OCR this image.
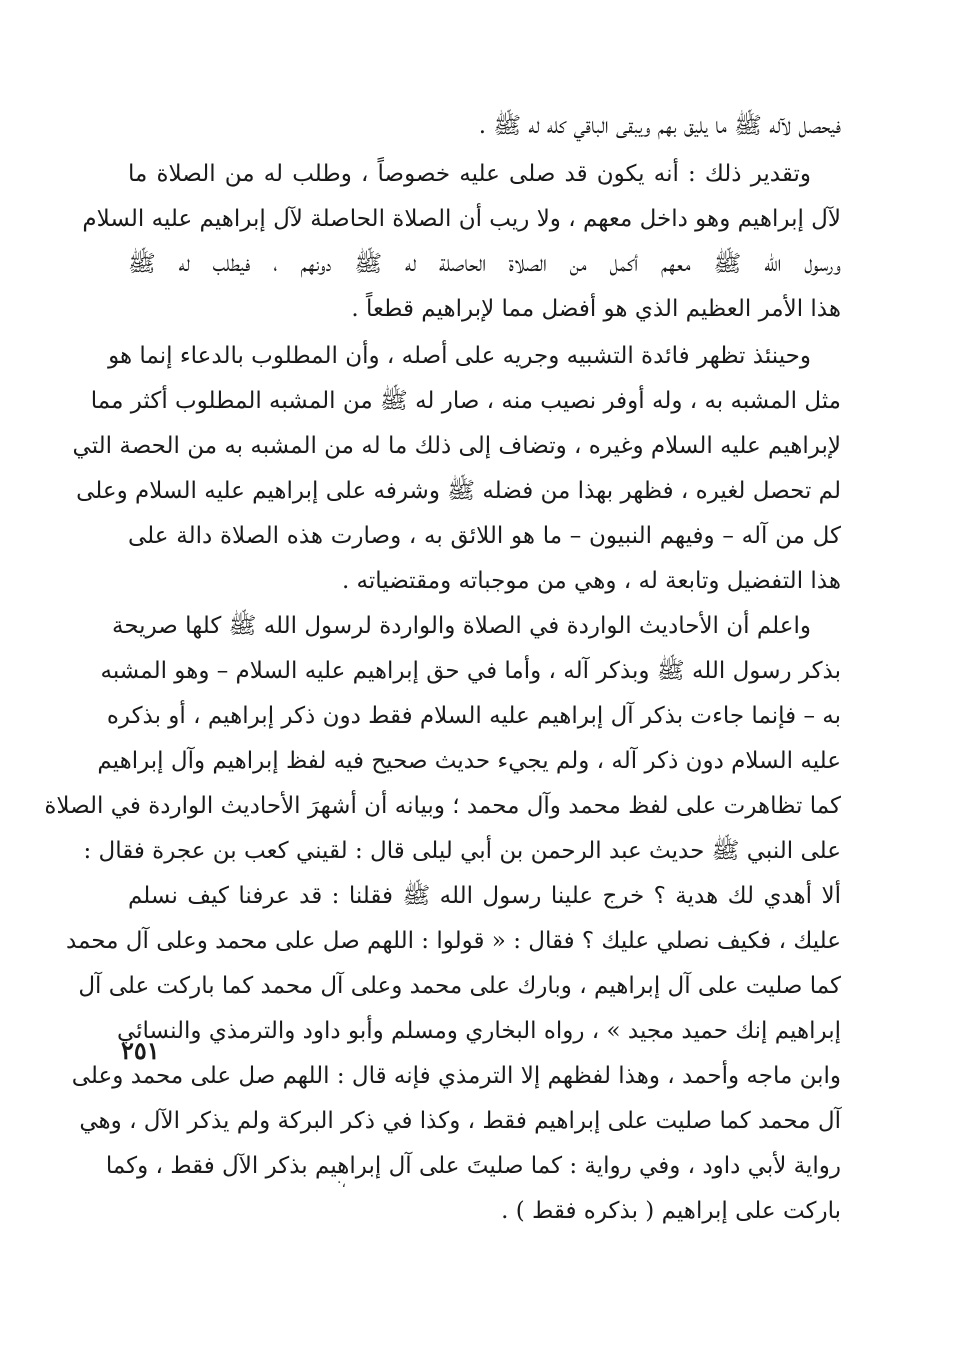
فيحصل لآله ﷺ ما يليق بهم ويبقى الباقي كله له ﷺ .
وتقدير ذلك : أنه يكون قد صلى عليه خصوصاً ، وطلب له من الصلاة ما
لآل إبراهيم وهو داخل معهم ، ولا ريب أن الصلاة الحاصلة لآل إبراهيم عليه السلام
ورسول الله ﷺ معهم أكمل من الصلاة الحاصلة له ﷺ دونهم ، فيطلب له ﷺ
هذا الأمر العظيم الذي هو أفضل مما لإبراهيم قطعاً .
وحينئذ تظهر فائدة التشبيه وجريه على أصله ، وأن المطلوب بالدعاء إنما هو
مثل المشبه به ، وله أوفر نصيب منه ، صار له ﷺ من المشبه المطلوب أكثر مما
لإبراهيم عليه السلام وغيره ، وتضاف إلى ذلك ما له من المشبه به من الحصة التي
لم تحصل لغيره ، فظهر بهذا من فضله ﷺ وشرفه على إبراهيم عليه السلام وعلى
كل من آله – وفيهم النبيون – ما هو اللائق به ، وصارت هذه الصلاة دالة على
هذا التفضيل وتابعة له ، وهي من موجباته ومقتضياته .
واعلم أن الأحاديث الواردة في الصلاة والواردة لرسول الله ﷺ كلها صريحة
بذكر رسول الله ﷺ وبذكر آله ، وأما في حق إبراهيم عليه السلام – وهو المشبه
به – فإنما جاءت بذكر آل إبراهيم عليه السلام فقط دون ذكر إبراهيم ، أو بذكره
عليه السلام دون ذكر آله ، ولم يجيء حديث صحيح فيه لفظ إبراهيم وآل إبراهيم
كما تظاهرت على لفظ محمد وآل محمد ؛ وبيانه أن أشهرَ الأحاديث الواردة في الصلاة
على النبي ﷺ حديث عبد الرحمن بن أبي ليلى قال : لقيني كعب بن عجرة فقال :
ألا أهدي لك هدية ؟ خرج علينا رسول الله ﷺ فقلنا : قد عرفنا كيف نسلم
عليك ، فكيف نصلي عليك ؟ فقال : « قولوا : اللهم صل على محمد وعلى آل محمد
كما صليت على آل إبراهيم ، وبارك على محمد وعلى آل محمد كما باركت على آل
إبراهيم إنك حميد مجيد » ، رواه البخاري ومسلم وأبو داود والترمذي والنسائي
وابن ماجه وأحمد ، وهذا لفظهم إلا الترمذي فإنه قال : اللهم صل على محمد وعلى
آل محمد كما صليت على إبراهيم فقط ، وكذا في ذكر البركة ولم يذكر الآل ، وهي
رواية لأبي داود ، وفي رواية : كما صليتَ على آل إبراهيم بذكر الآل فقط ، وكما
باركت على إبراهيم ( بذكره فقط ) .
·،
٢٥١
